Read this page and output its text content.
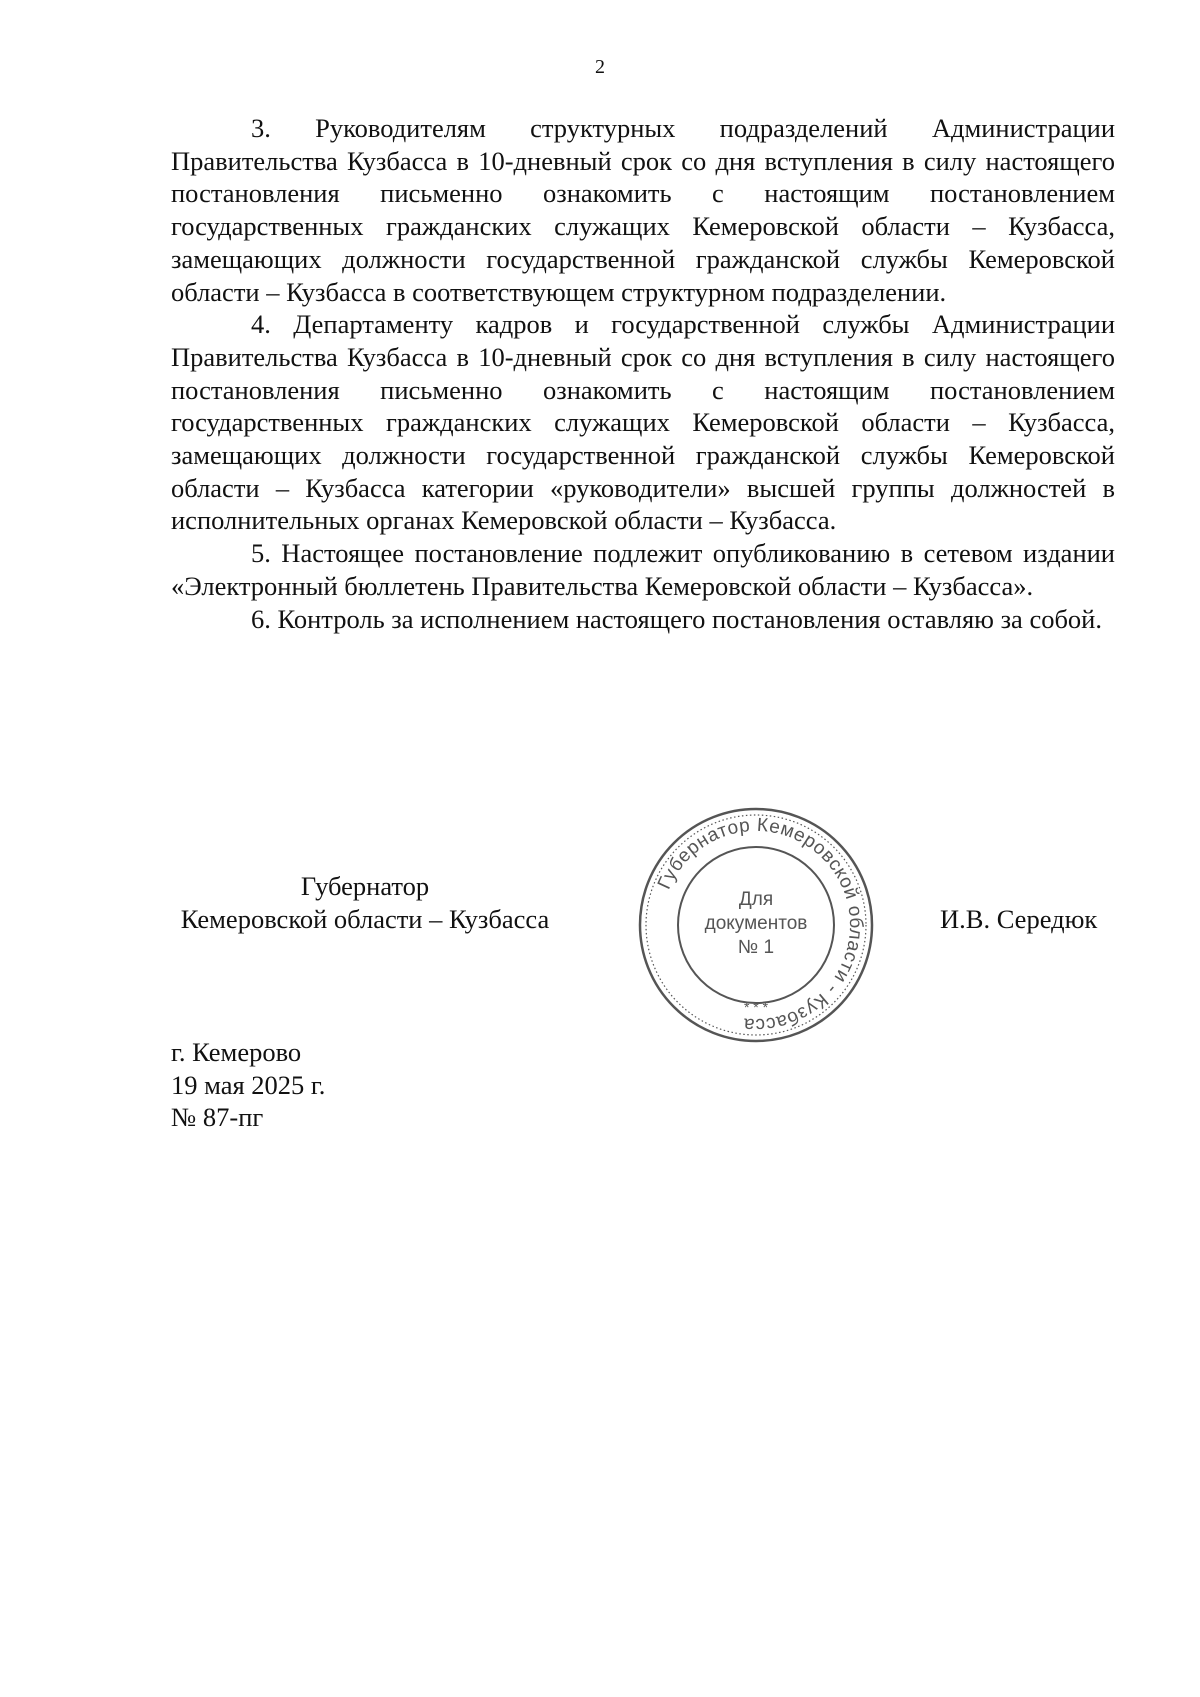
2

3. Руководителям структурных подразделений Администрации Правительства Кузбасса в 10-дневный срок со дня вступления в силу настоящего постановления письменно ознакомить с настоящим постановлением государственных гражданских служащих Кемеровской области – Кузбасса, замещающих должности государственной гражданской службы Кемеровской области – Кузбасса в соответствующем структурном подразделении.

4. Департаменту кадров и государственной службы Администрации Правительства Кузбасса в 10-дневный срок со дня вступления в силу настоящего постановления письменно ознакомить с настоящим постановлением государственных гражданских служащих Кемеровской области – Кузбасса, замещающих должности государственной гражданской службы Кемеровской области – Кузбасса категории «руководители» высшей группы должностей в исполнительных органах Кемеровской области – Кузбасса.

5. Настоящее постановление подлежит опубликованию в сетевом издании «Электронный бюллетень Правительства Кемеровской области – Кузбасса».

6. Контроль за исполнением настоящего постановления оставляю за собой.

Губернатор
Кемеровской области – Кузбасса
Губернатор Кемеровской области - Кузбасса
* * *
Для
документов
№ 1
И.В. Середюк
г. Кемерово
19 мая 2025 г.
№ 87-пг
